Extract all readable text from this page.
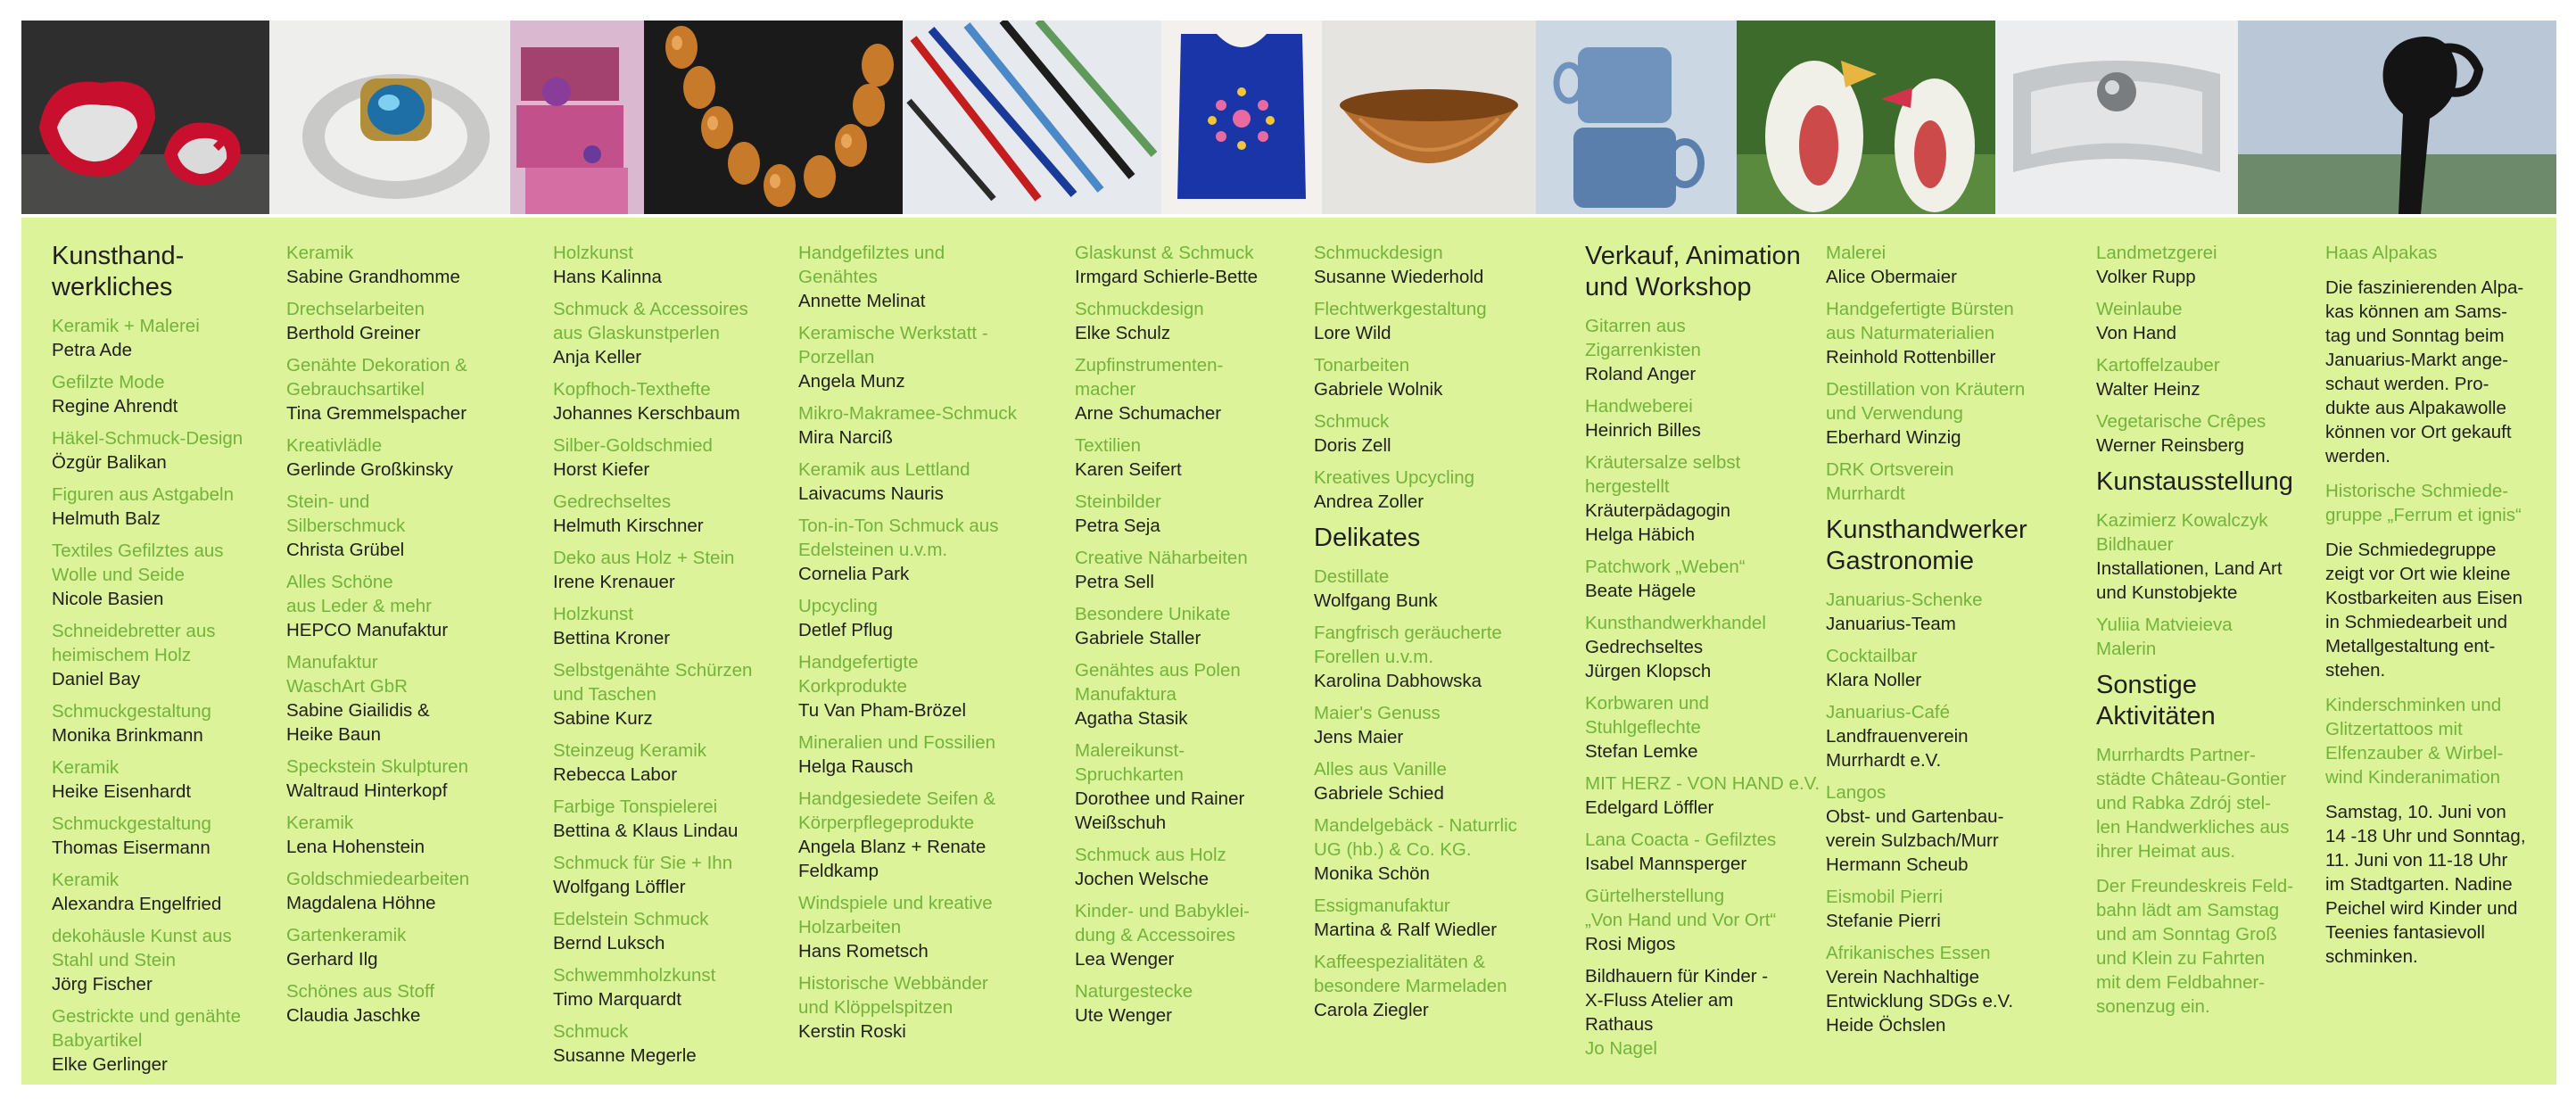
Kunsthand-
werkliches
Keramik + Malerei
Petra Ade
Gefilzte Mode
Regine Ahrendt
Häkel-Schmuck-Design
Özgür Balikan
Figuren aus Astgabeln
Helmuth Balz
Textiles Gefilztes aus
Wolle und Seide
Nicole Basien
Schneidebretter aus
heimischem Holz
Daniel Bay
Schmuckgestaltung
Monika Brinkmann
Keramik
Heike Eisenhardt
Schmuckgestaltung
Thomas Eisermann
Keramik
Alexandra Engelfried
dekohäusle Kunst aus
Stahl und Stein
Jörg Fischer
Gestrickte und genähte
Babyartikel
Elke Gerlinger
Keramik
Sabine Grandhomme
Drechselarbeiten
Berthold Greiner
Genähte Dekoration &
Gebrauchsartikel
Tina Gremmelspacher
Kreativlädle
Gerlinde Großkinsky
Stein- und
Silberschmuck
Christa Grübel
Alles Schöne
aus Leder & mehr
HEPCO Manufaktur
Manufaktur
WaschArt GbR
Sabine Giailidis &
Heike Baun
Speckstein Skulpturen
Waltraud Hinterkopf
Keramik
Lena Hohenstein
Goldschmiedearbeiten
Magdalena Höhne
Gartenkeramik
Gerhard Ilg
Schönes aus Stoff
Claudia Jaschke
Holzkunst
Hans Kalinna
Schmuck & Accessoires
aus Glaskunstperlen
Anja Keller
Kopfhoch-Texthefte
Johannes Kerschbaum
Silber-Goldschmied
Horst Kiefer
Gedrechseltes
Helmuth Kirschner
Deko aus Holz + Stein
Irene Krenauer
Holzkunst
Bettina Kroner
Selbstgenähte Schürzen
und Taschen
Sabine Kurz
Steinzeug Keramik
Rebecca Labor
Farbige Tonspielerei
Bettina & Klaus Lindau
Schmuck für Sie + Ihn
Wolfgang Löffler
Edelstein Schmuck
Bernd Luksch
Schwemmholzkunst
Timo Marquardt
Schmuck
Susanne Megerle
Handgefilztes und
Genähtes
Annette Melinat
Keramische Werkstatt -
Porzellan
Angela Munz
Mikro-Makramee-Schmuck
Mira Narciß
Keramik aus Lettland
Laivacums Nauris
Ton-in-Ton Schmuck aus
Edelsteinen u.v.m.
Cornelia Park
Upcycling
Detlef Pflug
Handgefertigte
Korkprodukte
Tu Van Pham-Brözel
Mineralien und Fossilien
Helga Rausch
Handgesiedete Seifen &
Körperpflegeprodukte
Angela Blanz + Renate
Feldkamp
Windspiele und kreative
Holzarbeiten
Hans Rometsch
Historische Webbänder
und Klöppelspitzen
Kerstin Roski
Glaskunst & Schmuck
Irmgard Schierle-Bette
Schmuckdesign
Elke Schulz
Zupfinstrumenten-
macher
Arne Schumacher
Textilien
Karen Seifert
Steinbilder
Petra Seja
Creative Näharbeiten
Petra Sell
Besondere Unikate
Gabriele Staller
Genähtes aus Polen
Manufaktura
Agatha Stasik
Malereikunst-
Spruchkarten
Dorothee und Rainer
Weißschuh
Schmuck aus Holz
Jochen Welsche
Kinder- und Babyklei-
dung & Accessoires
Lea Wenger
Naturgestecke
Ute Wenger
Schmuckdesign
Susanne Wiederhold
Flechtwerkgestaltung
Lore Wild
Tonarbeiten
Gabriele Wolnik
Schmuck
Doris Zell
Kreatives Upcycling
Andrea Zoller
Delikates
Destillate
Wolfgang Bunk
Fangfrisch geräucherte
Forellen u.v.m.
Karolina Dabhowska
Maier's Genuss
Jens Maier
Alles aus Vanille
Gabriele Schied
Mandelgebäck - Naturrlic
UG (hb.) & Co. KG.
Monika Schön
Essigmanufaktur
Martina & Ralf Wiedler
Kaffeespezialitäten &
besondere Marmeladen
Carola Ziegler
Verkauf, Animation
und Workshop
Gitarren aus
Zigarrenkisten
Roland Anger
Handweberei
Heinrich Billes
Kräutersalze selbst
hergestellt
Kräuterpädagogin
Helga Häbich
Patchwork „Weben“
Beate Hägele
Kunsthandwerkhandel
Gedrechseltes
Jürgen Klopsch
Korbwaren und
Stuhlgeflechte
Stefan Lemke
MIT HERZ - VON HAND e.V.
Edelgard Löffler
Lana Coacta - Gefilztes
Isabel Mannsperger
Gürtelherstellung
„Von Hand und Vor Ort“
Rosi Migos
Bildhauern für Kinder -
X-Fluss Atelier am
Rathaus
Jo Nagel
Malerei
Alice Obermaier
Handgefertigte Bürsten
aus Naturmaterialien
Reinhold Rottenbiller
Destillation von Kräutern
und Verwendung
Eberhard Winzig
DRK Ortsverein
Murrhardt
Kunsthandwerker
Gastronomie
Januarius-Schenke
Januarius-Team
Cocktailbar
Klara Noller
Januarius-Café
Landfrauenverein
Murrhardt e.V.
Langos
Obst- und Gartenbau-
verein Sulzbach/Murr
Hermann Scheub
Eismobil Pierri
Stefanie Pierri
Afrikanisches Essen
Verein Nachhaltige
Entwicklung SDGs e.V.
Heide Öchslen
Landmetzgerei
Volker Rupp
Weinlaube
Von Hand
Kartoffelzauber
Walter Heinz
Vegetarische Crêpes
Werner Reinsberg
Kunstausstellung
Kazimierz Kowalczyk
Bildhauer
Installationen, Land Art
und Kunstobjekte
Yuliia Matvieieva
Malerin
Sonstige
Aktivitäten
Murrhardts Partner-
städte Château-Gontier
und Rabka Zdrój stel-
len Handwerkliches aus
ihrer Heimat aus.
Der Freundeskreis Feld-
bahn lädt am Samstag
und am Sonntag Groß
und Klein zu Fahrten
mit dem Feldbahner-
sonenzug ein.
Haas Alpakas
Die faszinierenden Alpa-
kas können am Sams-
tag und Sonntag beim
Januarius-Markt ange-
schaut werden. Pro-
dukte aus Alpakawolle
können vor Ort gekauft
werden.
Historische Schmiede-
gruppe „Ferrum et ignis“
Die Schmiedegruppe
zeigt vor Ort wie kleine
Kostbarkeiten aus Eisen
in Schmiedearbeit und
Metallgestaltung ent-
stehen.
Kinderschminken und
Glitzertattoos mit
Elfenzauber & Wirbel-
wind Kinderanimation
Samstag, 10. Juni von
14 -18 Uhr und Sonntag,
11. Juni von 11-18 Uhr
im Stadtgarten. Nadine
Peichel wird Kinder und
Teenies fantasievoll
schminken.
